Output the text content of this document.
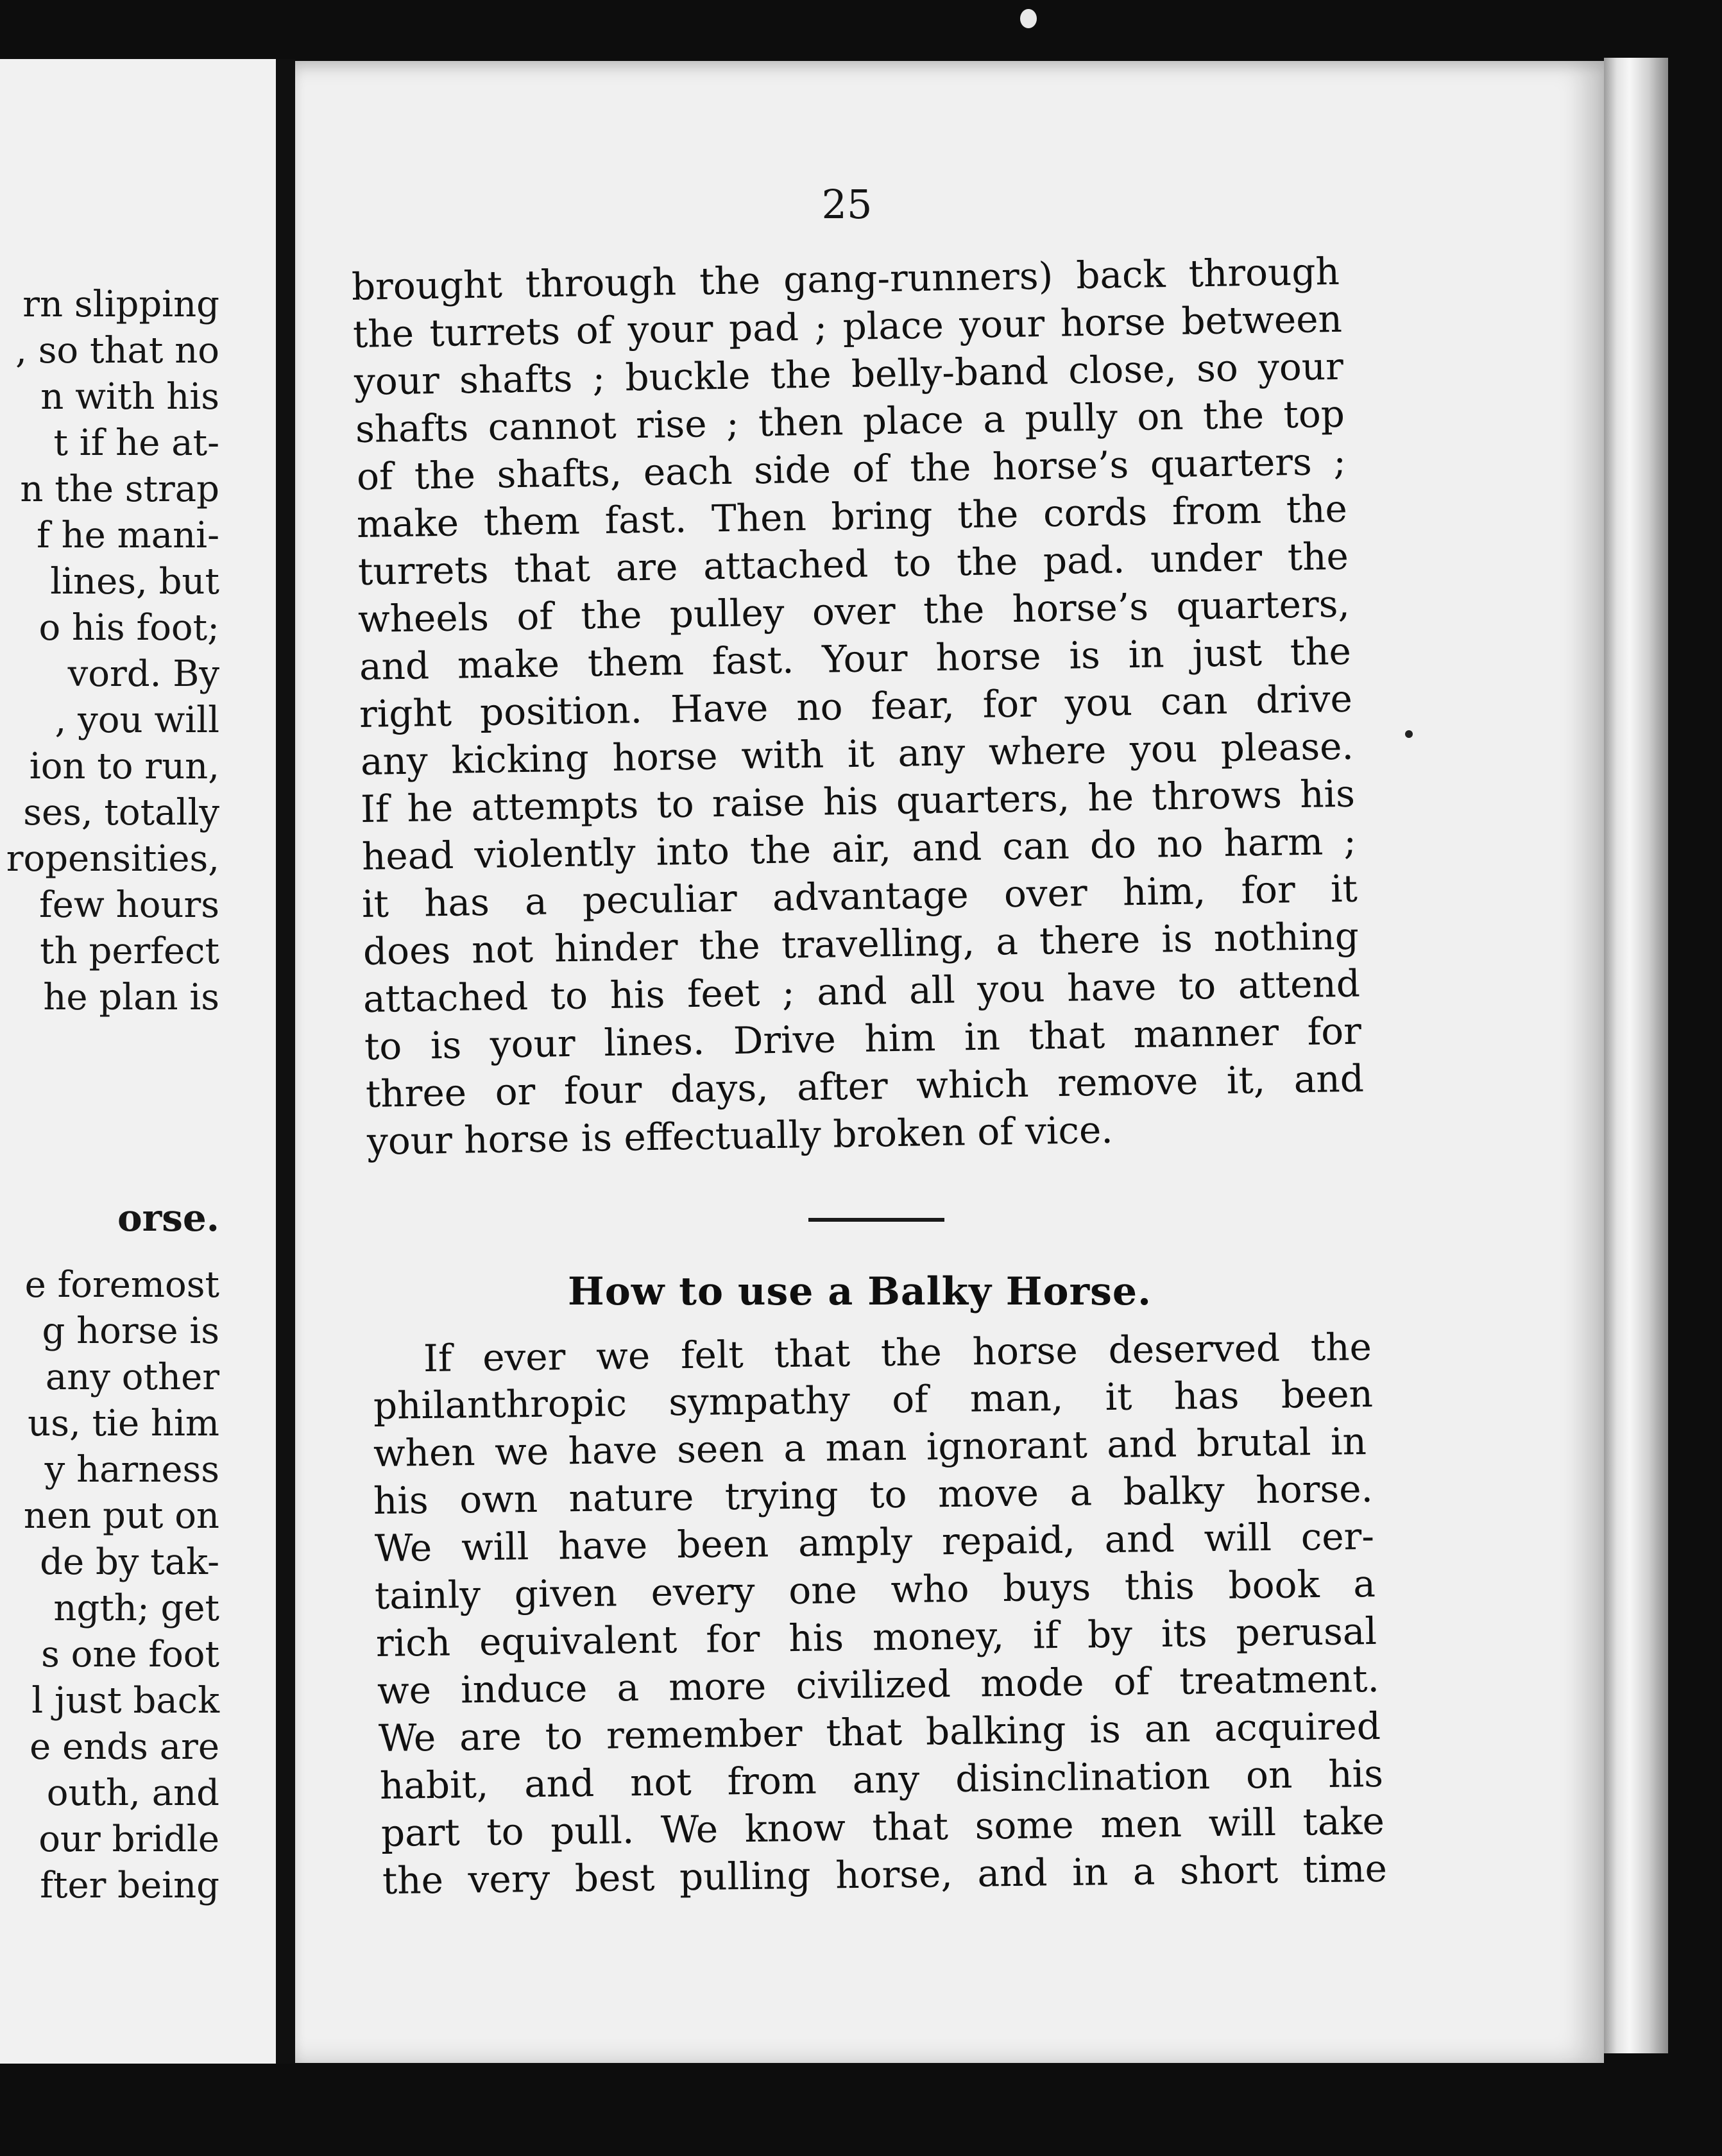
rn slipping
, so that no
n with his
t if he at-
n the strap
f he mani-
lines, but
o his foot;
vord. By
, you will
ion to run,
ses, totally
ropensities,
few hours
th perfect
he plan is
orse.
e foremost
g horse is
any other
us, tie him
y harness
nen put on
de by tak-
ngth; get
s one foot
l just back
e ends are
outh, and
our bridle
fter being
25
brought through the gang-runners) back through
the turrets of your pad ; place your horse between
your shafts ; buckle the belly-band close, so your
shafts cannot rise ; then place a pully on the top
of the shafts, each side of the horse’s quarters ;
make them fast. Then bring the cords from the
turrets that are attached to the pad. under the
wheels of the pulley over the horse’s quarters,
and make them fast. Your horse is in just the
right position. Have no fear, for you can drive
any kicking horse with it any where you please.
If he attempts to raise his quarters, he throws his
head violently into the air, and can do no harm ;
it has a peculiar advantage over him, for it
does not hinder the travelling, a there is nothing
attached to his feet ; and all you have to attend
to is your lines. Drive him in that manner for
three or four days, after which remove it, and
your horse is effectually broken of vice.
How to use a Balky Horse.
If ever we felt that the horse deserved the
philanthropic sympathy of man, it has been
when we have seen a man ignorant and brutal in
his own nature trying to move a balky horse.
We will have been amply repaid, and will cer-
tainly given every one who buys this book a
rich equivalent for his money, if by its perusal
we induce a more civilized mode of treatment.
We are to remember that balking is an acquired
habit, and not from any disinclination on his
part to pull. We know that some men will take
the very best pulling horse, and in a short time
